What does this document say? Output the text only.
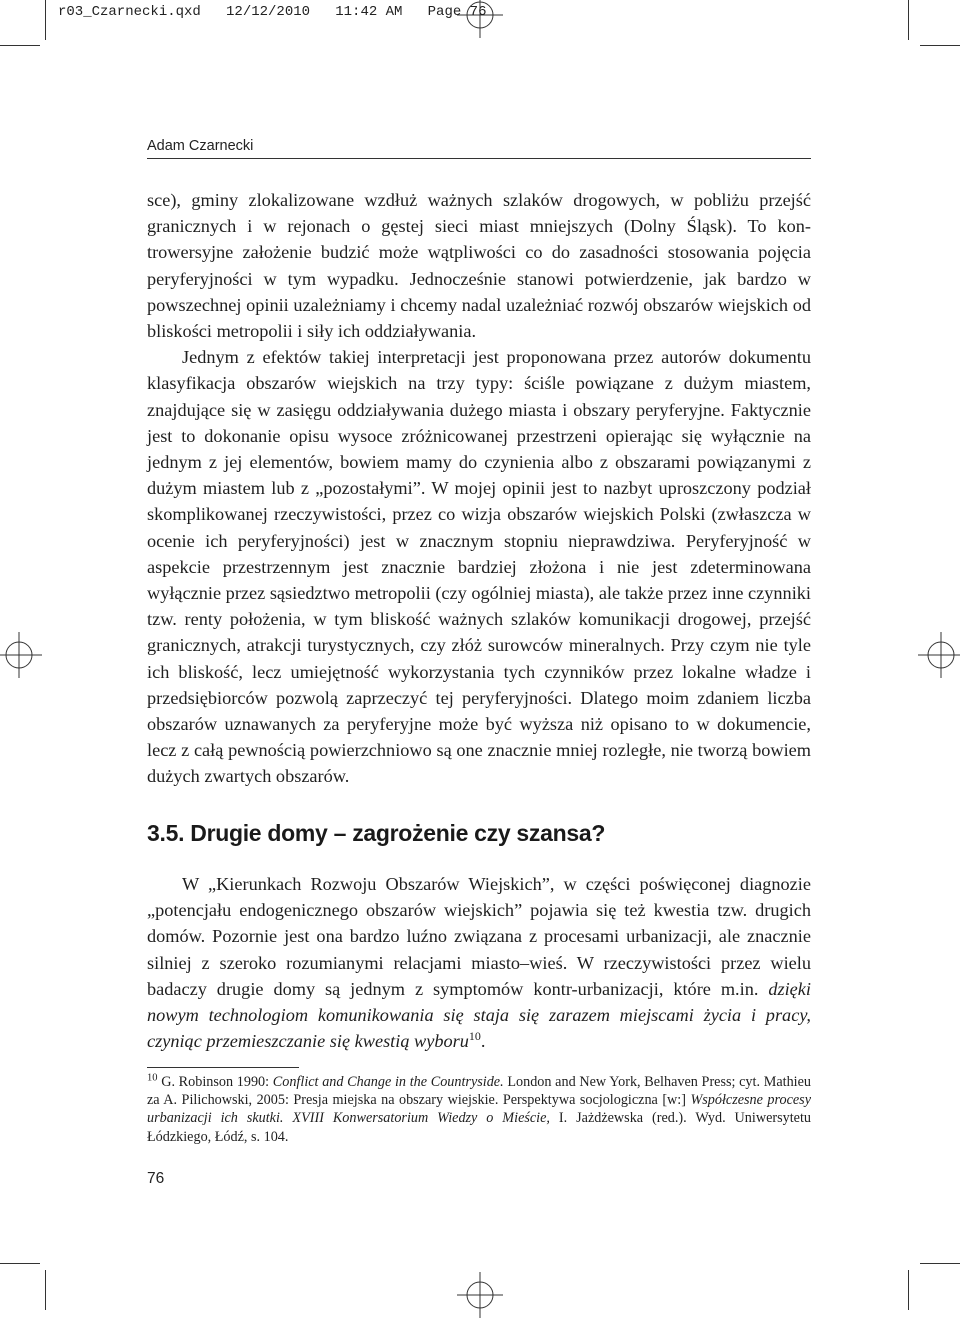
r03_Czarnecki.qxd   12/12/2010   11:42 AM   Page 76
Adam Czarnecki

sce), gminy zlokalizowane wzdłuż ważnych szlaków drogowych, w pobliżu przejść granicznych i w rejonach o gęstej sieci miast mniejszych (Dolny Śląsk). To kontrowersyjne założenie budzić może wątpliwości co do zasadności stosowania pojęcia peryferyjności w tym wypadku. Jednocześnie stanowi potwierdzenie, jak bardzo w powszechnej opinii uzależniamy i chcemy nadal uzależniać rozwój obszarów wiejskich od bliskości metropolii i siły ich oddziaływania.

Jednym z efektów takiej interpretacji jest proponowana przez autorów dokumentu klasyfikacja obszarów wiejskich na trzy typy: ściśle powiązane z dużym miastem, znajdujące się w zasięgu oddziaływania dużego miasta i obszary peryferyjne. Faktycznie jest to dokonanie opisu wysoce zróżnicowanej przestrzeni opierając się wyłącznie na jednym z jej elementów, bowiem mamy do czynienia albo z obszarami powiązanymi z dużym miastem lub z „pozostałymi”. W mojej opinii jest to nazbyt uproszczony podział skomplikowanej rzeczywistości, przez co wizja obszarów wiejskich Polski (zwłaszcza w ocenie ich peryferyjności) jest w znacznym stopniu nieprawdziwa. Peryferyjność w aspekcie przestrzennym jest znacznie bardziej złożona i nie jest zdeterminowana wyłącznie przez sąsiedztwo metropolii (czy ogólniej miasta), ale także przez inne czynniki tzw. renty położenia, w tym bliskość ważnych szlaków komunikacji drogowej, przejść granicznych, atrakcji turystycznych, czy złóż surowców mineralnych. Przy czym nie tyle ich bliskość, lecz umiejętność wykorzystania tych czynników przez lokalne władze i przedsiębiorców pozwolą zaprzeczyć tej peryferyjności. Dlatego moim zdaniem liczba obszarów uznawanych za peryferyjne może być wyższa niż opisano to w dokumencie, lecz z całą pewnością powierzchniowo są one znacznie mniej rozległe, nie tworzą bowiem dużych zwartych obszarów.

3.5. Drugie domy – zagrożenie czy szansa?

W „Kierunkach Rozwoju Obszarów Wiejskich”, w części poświęconej diagnozie „potencjału endogenicznego obszarów wiejskich” pojawia się też kwestia tzw. drugich domów. Pozornie jest ona bardzo luźno związana z procesami urbanizacji, ale znacznie silniej z szeroko rozumianymi relacjami miasto–wieś. W rzeczywistości przez wielu badaczy drugie domy są jednym z symptomów kontr-urbanizacji, które m.in. dzięki nowym technologiom komunikowania się staja się zarazem miejscami życia i pracy, czyniąc przemieszczanie się kwestią wyboru$^{10}$.

$^{10}$ G. Robinson 1990: Conflict and Change in the Countryside. London and New York, Belhaven Press; cyt. Mathieu za A. Pilichowski, 2005: Presja miejska na obszary wiejskie. Perspektywa socjologiczna [w:] Współczesne procesy urbanizacji ich skutki. XVIII Konwersatorium Wiedzy o Mieście, I. Jażdżewska (red.). Wyd. Uniwersytetu Łódzkiego, Łódź, s. 104.
76
